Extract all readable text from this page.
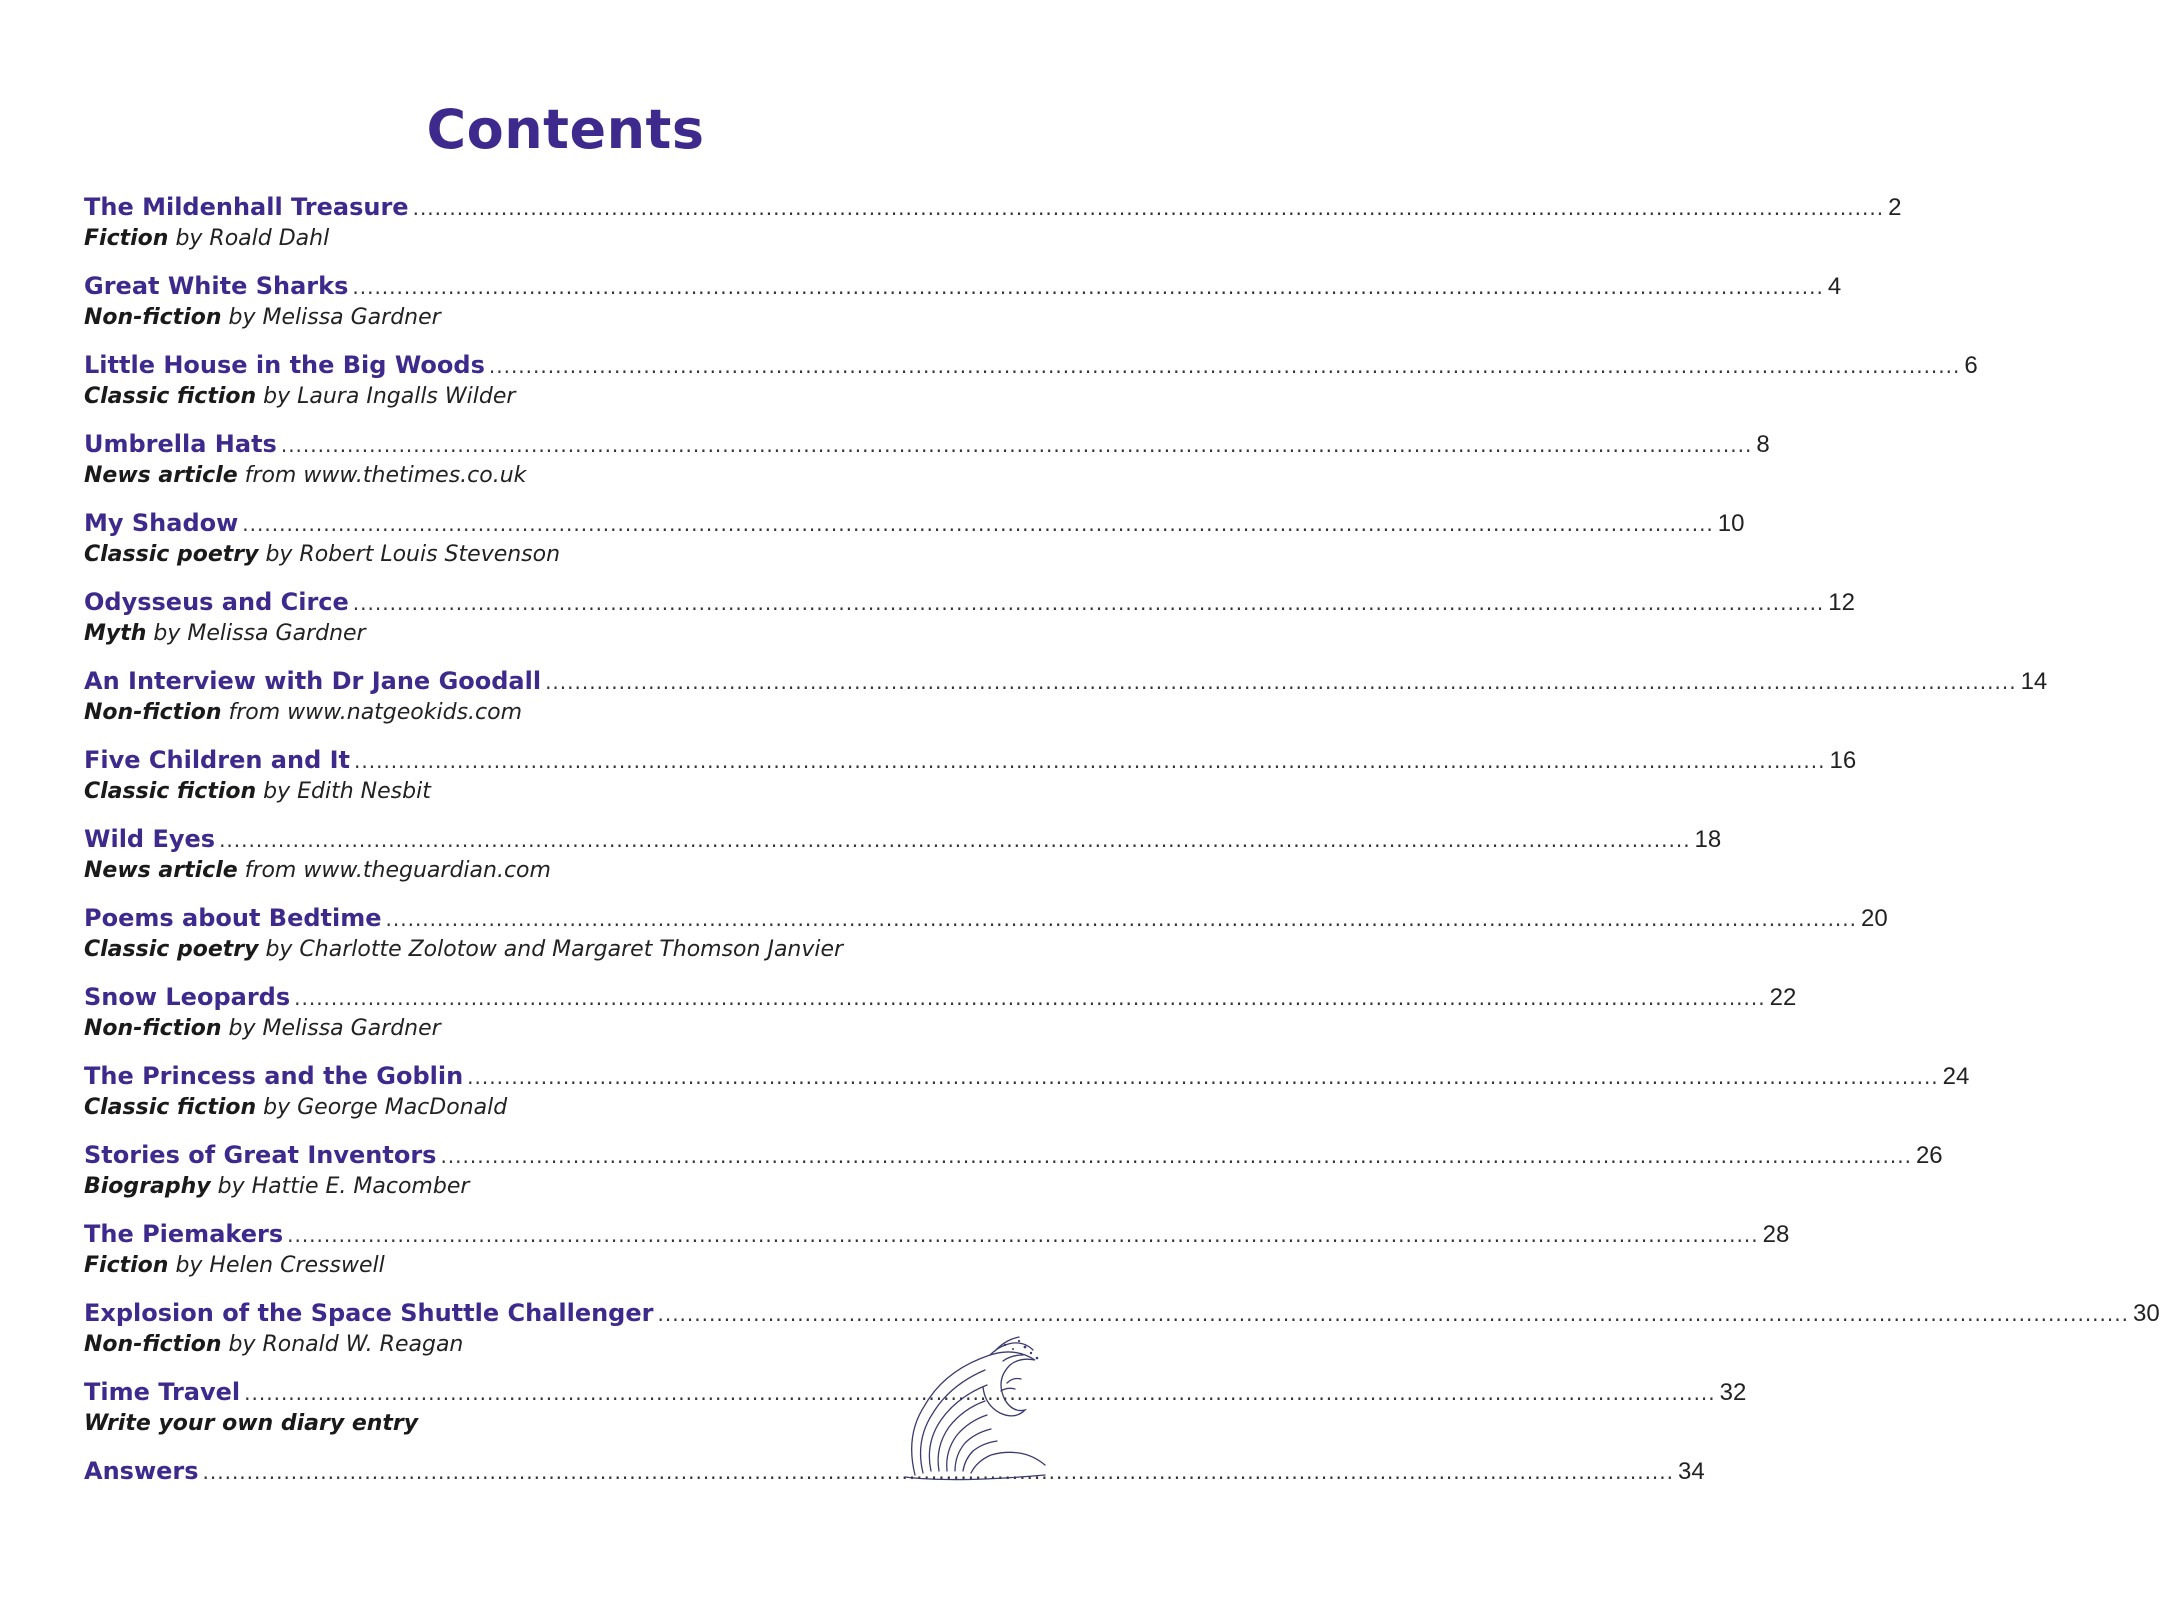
Contents
The Mildenhall Treasure ........................................................................................................................................................................................................ 2
Fiction by Roald Dahl
Great White Sharks ........................................................................................................................................................................................................ 4
Non-fiction by Melissa Gardner
Little House in the Big Woods ........................................................................................................................................................................................................ 6
Classic fiction by Laura Ingalls Wilder
Umbrella Hats ........................................................................................................................................................................................................ 8
News article from www.thetimes.co.uk
My Shadow ........................................................................................................................................................................................................ 10
Classic poetry by Robert Louis Stevenson
Odysseus and Circe ........................................................................................................................................................................................................ 12
Myth by Melissa Gardner
An Interview with Dr Jane Goodall ........................................................................................................................................................................................................ 14
Non-fiction from www.natgeokids.com
Five Children and It ........................................................................................................................................................................................................ 16
Classic fiction by Edith Nesbit
Wild Eyes ........................................................................................................................................................................................................ 18
News article from www.theguardian.com
Poems about Bedtime ........................................................................................................................................................................................................ 20
Classic poetry by Charlotte Zolotow and Margaret Thomson Janvier
Snow Leopards ........................................................................................................................................................................................................ 22
Non-fiction by Melissa Gardner
The Princess and the Goblin ........................................................................................................................................................................................................ 24
Classic fiction by George MacDonald
Stories of Great Inventors ........................................................................................................................................................................................................ 26
Biography by Hattie E. Macomber
The Piemakers ........................................................................................................................................................................................................ 28
Fiction by Helen Cresswell
Explosion of the Space Shuttle Challenger ........................................................................................................................................................................................................ 30
Non-fiction by Ronald W. Reagan
Time Travel ........................................................................................................................................................................................................ 32
Write your own diary entry
Answers ........................................................................................................................................................................................................ 34
